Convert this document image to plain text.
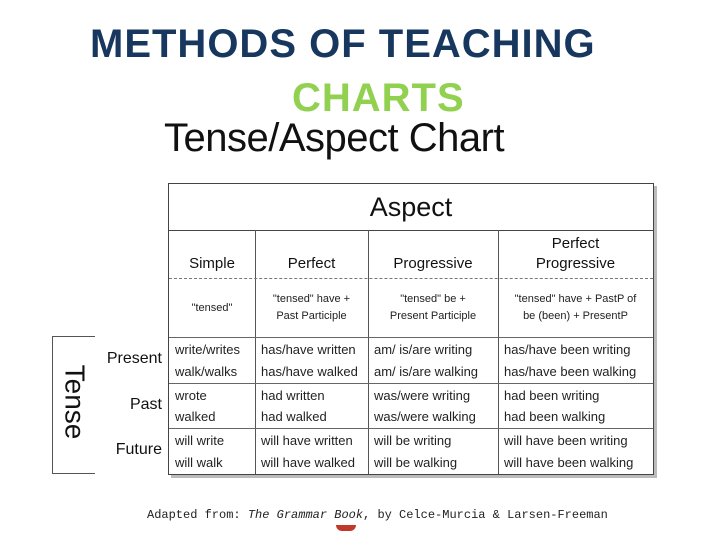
METHODS OF TEACHING
CHARTS
Tense/Aspect Chart
Tense
Aspect
Simple	Perfect	Progressive
Perfect Progressive
"tensed"
"tensed" have + Past Participle
"tensed" be + Present Participle
"tensed" have + PastP of be (been) + PresentP
write/writes
walk/walks
has/have written
has/have walked
am/ is/are writing
am/ is/are walking
has/have been writing
has/have been walking
wrote
walked
had written
had walked
was/were writing
was/were walking
had been writing
had been walking
will write
will walk
will have written
will have walked
will be writing
will be walking
will have been writing
will have been walking
Present
Past
Future
Adapted from: The Grammar Book, by Celce-Murcia & Larsen-Freeman
